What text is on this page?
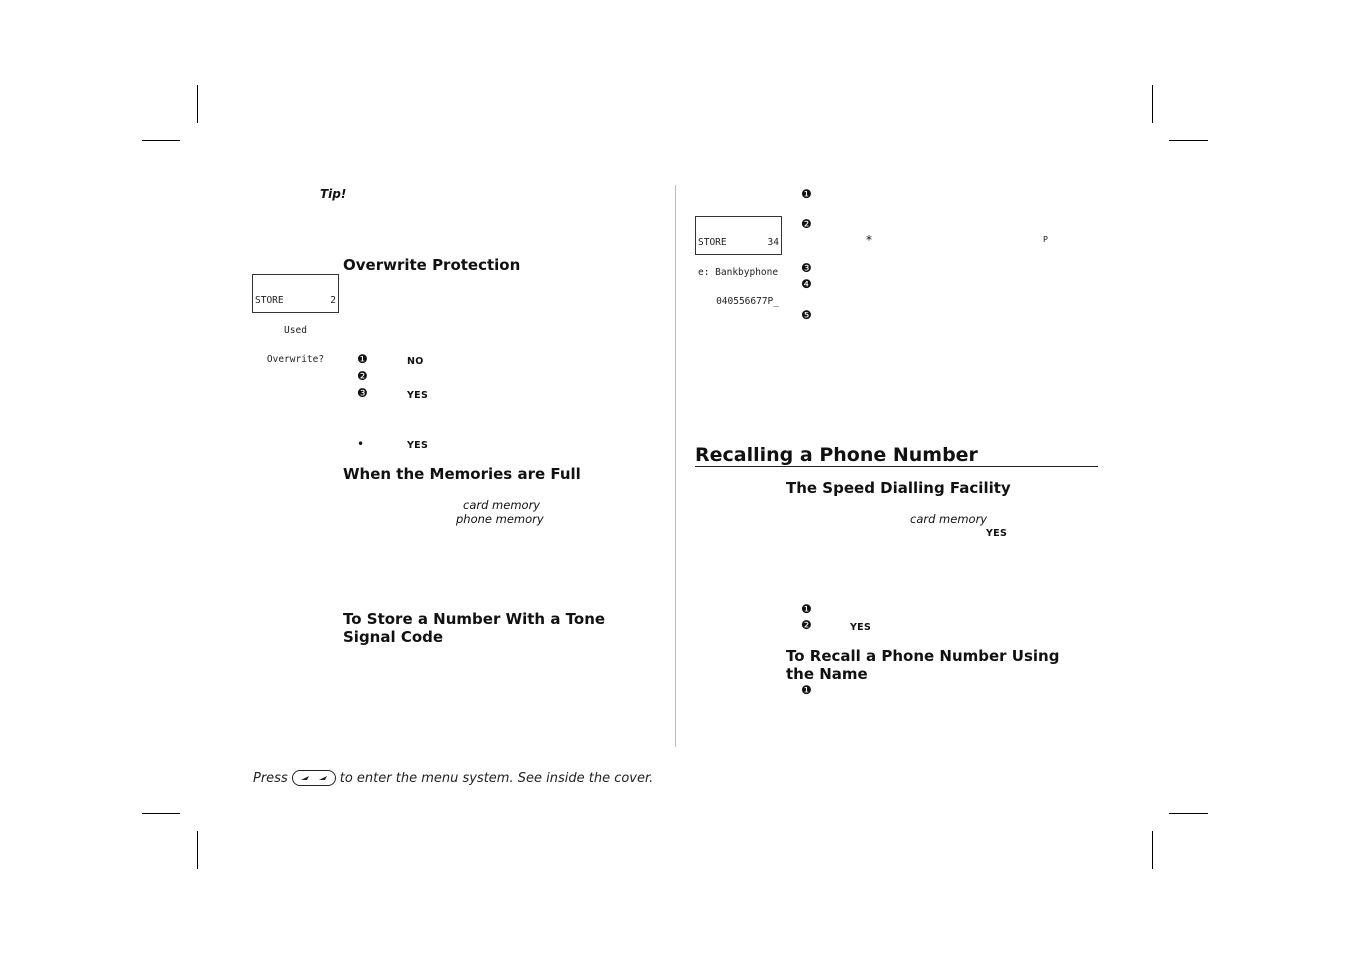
Tip!
Overwrite Protection

STORE	2

Used

Overwrite?	❶	NO
❷
❸	YES
•	YES
When the Memories are Full
card memory
phone memory
To Store a Number With a Tone Signal Code
❶
❷
*	P
❸
❹
❺

STORE	34

e: Bankbyphone

040556677P_

Recalling a Phone Number
The Speed Dialling Facility
card memory
YES
❶
❷	YES
To Recall a Phone Number Using the Name
❶
Press	to enter the menu system. See inside the cover.
